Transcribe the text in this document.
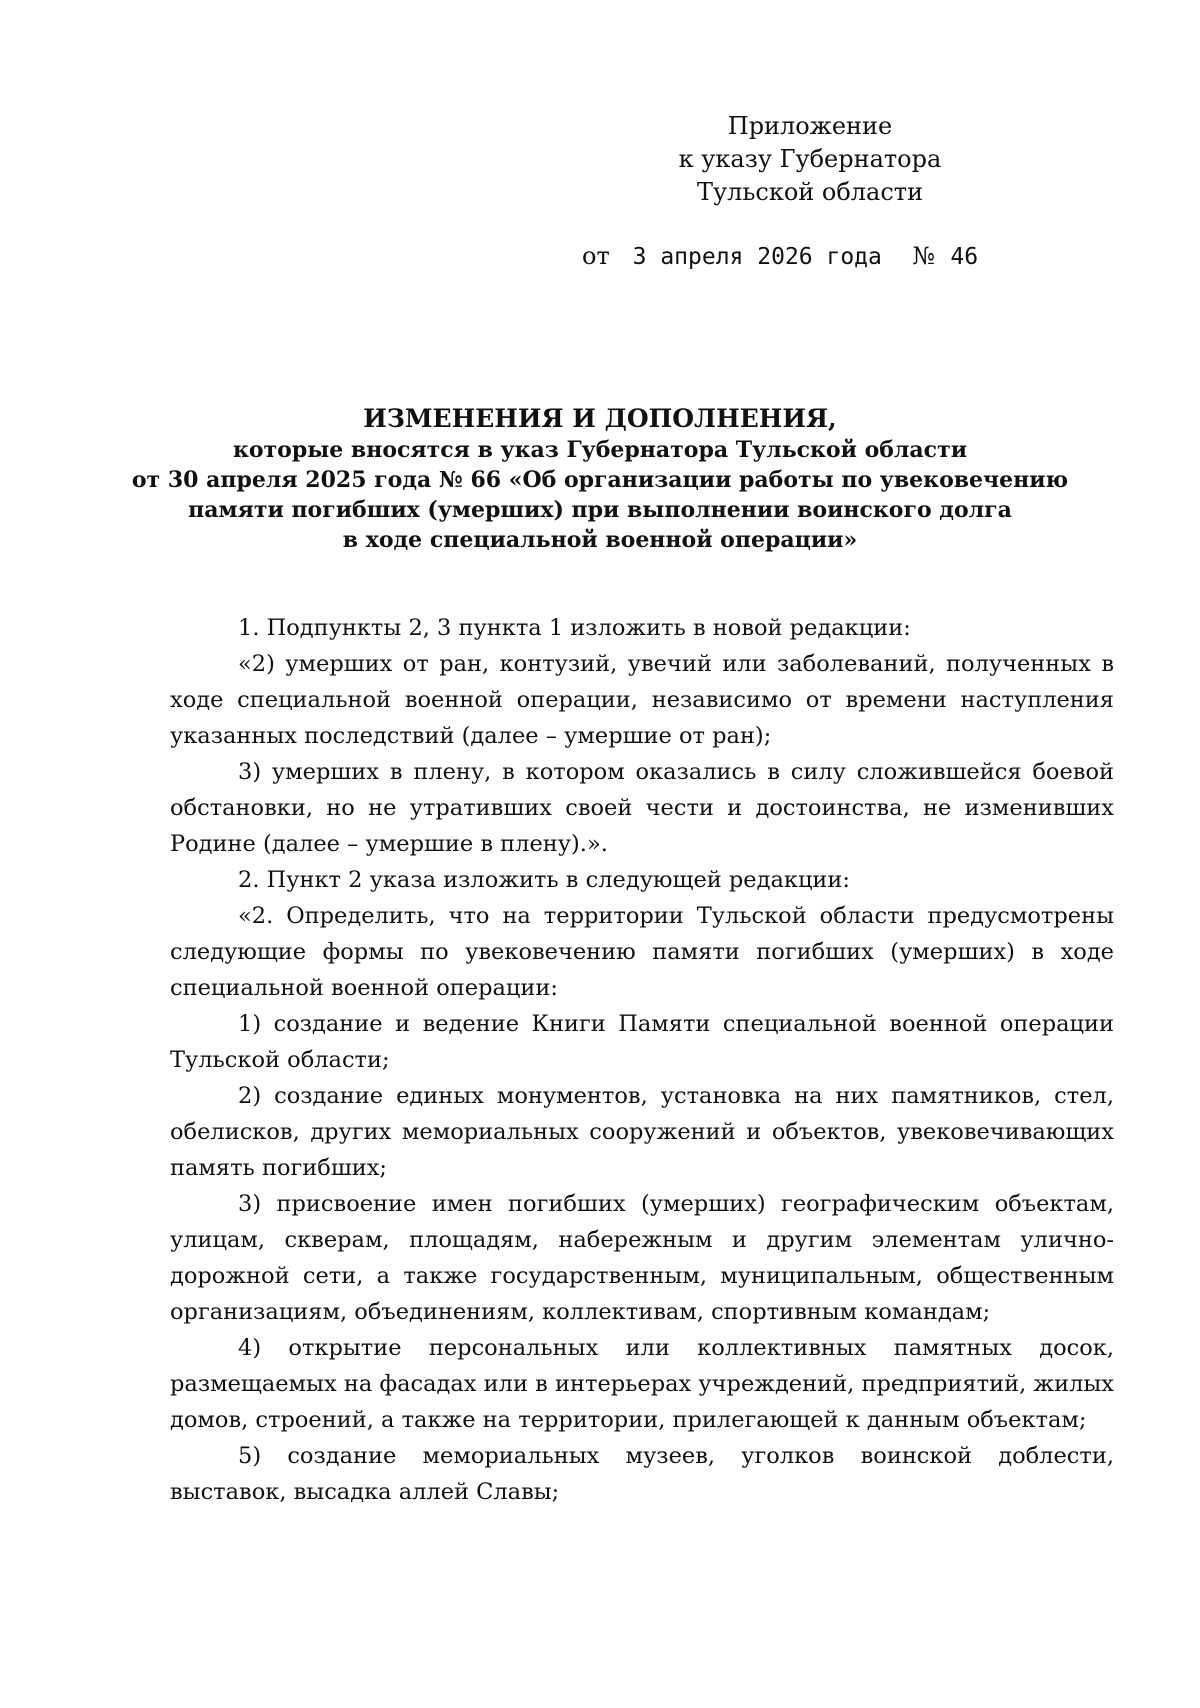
Приложение
к указу Губернатора
Тульской области
от 3 апреля 2026 года № 46
ИЗМЕНЕНИЯ И ДОПОЛНЕНИЯ,
которые вносятся в указ Губернатора Тульской области
от 30 апреля 2025 года № 66 «Об организации работы по увековечению
памяти погибших (умерших) при выполнении воинского долга
в ходе специальной военной операции»

1. Подпункты 2, 3 пункта 1 изложить в новой редакции:

«2) умерших от ран, контузий, увечий или заболеваний, полученных в ходе специальной военной операции, независимо от времени наступления указанных последствий (далее – умершие от ран);

3) умерших в плену, в котором оказались в силу сложившейся боевой обстановки, но не утративших своей чести и достоинства, не изменивших Родине (далее – умершие в плену).».

2. Пункт 2 указа изложить в следующей редакции:

«2. Определить, что на территории Тульской области предусмотрены следующие формы по увековечению памяти погибших (умерших) в ходе специальной военной операции:

1) создание и ведение Книги Памяти специальной военной операции Тульской области;

2) создание единых монументов, установка на них памятников, стел, обелисков, других мемориальных сооружений и объектов, увековечивающих память погибших;

3) присвоение имен погибших (умерших) географическим объектам, улицам, скверам, площадям, набережным и другим элементам улично-дорожной сети, а также государственным, муниципальным, общественным организациям, объединениям, коллективам, спортивным командам;

4) открытие персональных или коллективных памятных досок, размещаемых на фасадах или в интерьерах учреждений, предприятий, жилых домов, строений, а также на территории, прилегающей к данным объектам;

5) создание мемориальных музеев, уголков воинской доблести, выставок, высадка аллей Славы;
